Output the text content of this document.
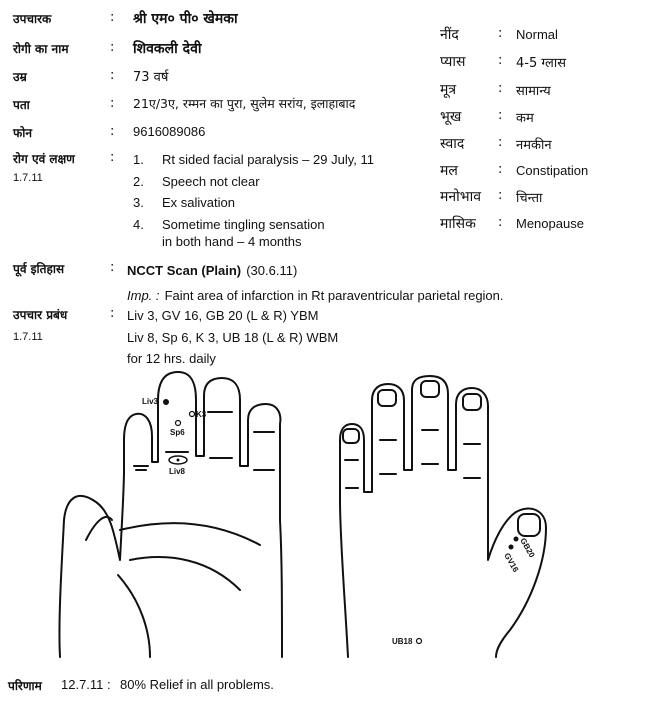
उपचारक	: श्री एम० पी० खेमका
रोगी का नाम	: शिवकली देवी
उम्र	: 73 वर्ष
पता	: 21ए/3ए, रम्मन का पुरा, सुलेम सरांय, इलाहाबाद
फोन	: 9616089086
रोग एवं लक्षण	:
1.7.11
1. Rt sided facial paralysis – 29 July, 11
2. Speech not clear
3. Ex salivation
4. Sometime tingling sensation
in both hand – 4 months
पूर्व इतिहास	: NCCT Scan (Plain) (30.6.11)
Imp. : Faint area of infarction in Rt paraventricular parietal region.
उपचार प्रबंध	:
1.7.11
Liv 3, GV 16, GB 20 (L & R) YBM
Liv 8, Sp 6, K 3, UB 18 (L & R) WBM
for 12 hrs. daily
नींद	: Normal
प्यास	: 4-5 ग्लास
मूत्र	: सामान्य
भूख	: कम
स्वाद	: नमकीन
मल	: Constipation
मनोभाव : चिन्ता
मासिक : Menopause
Liv3
K3
Sp6
Liv8
GB20
GV16
UB18
परिणाम 12.7.11 : 80% Relief in all problems.
